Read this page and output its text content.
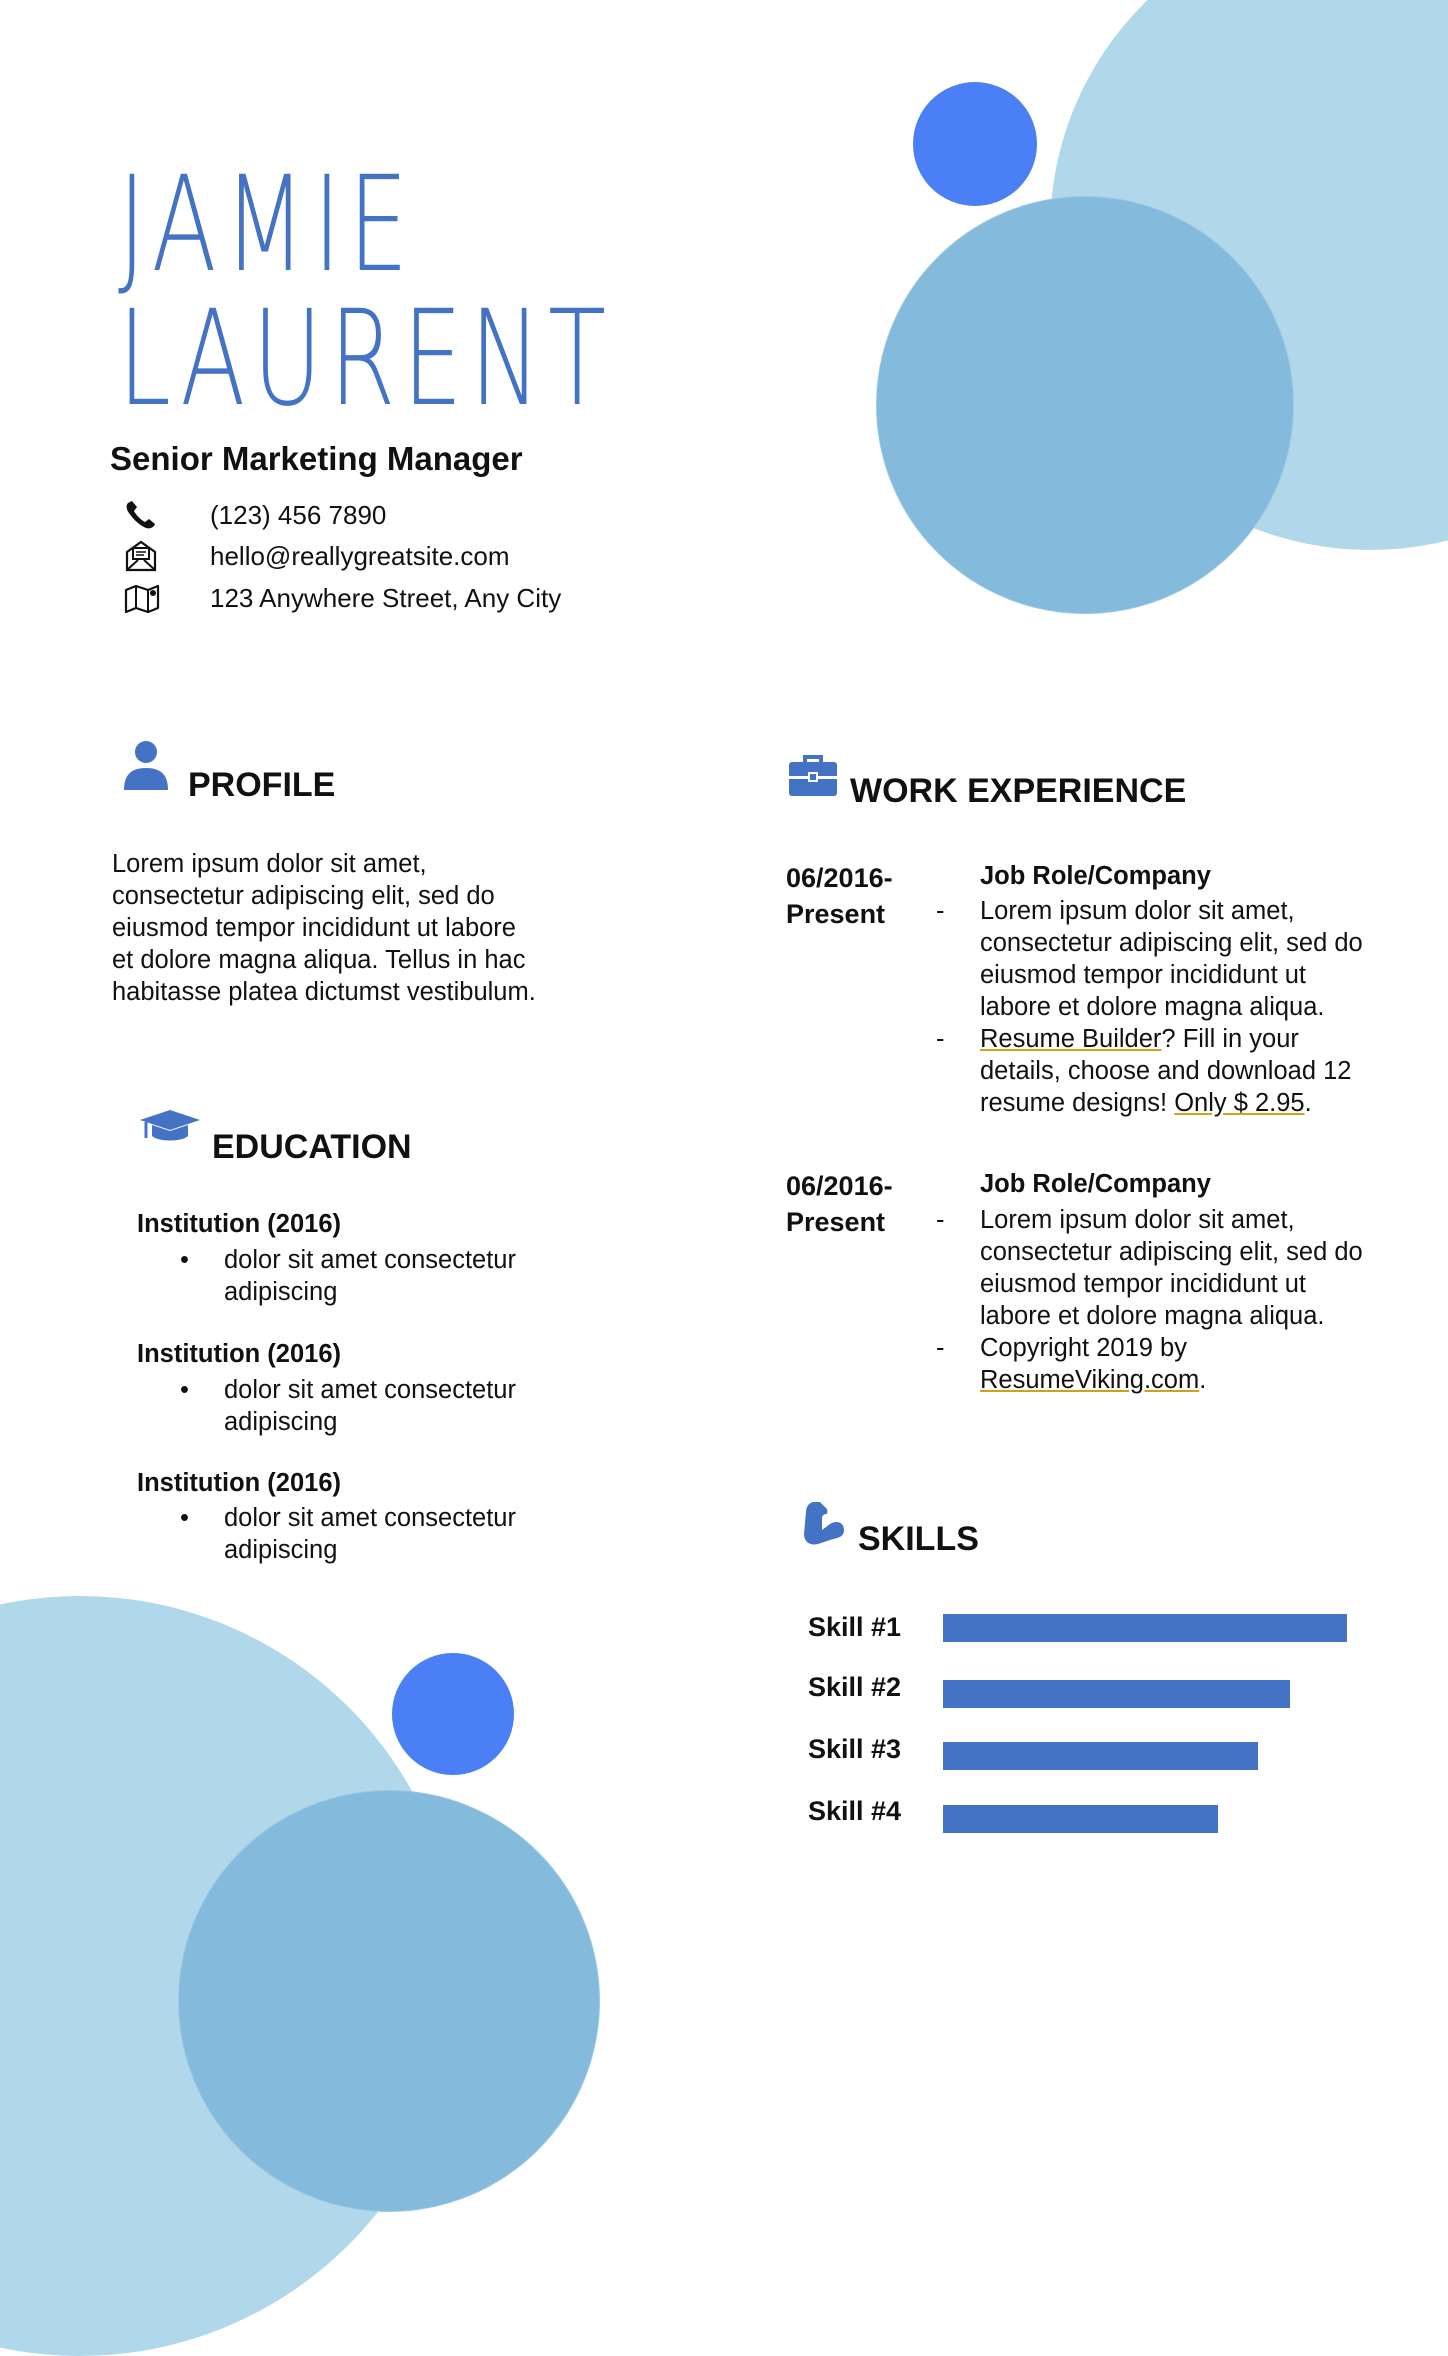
JAMIE
LAURENT
Senior Marketing Manager
(123) 456 7890
hello@reallygreatsite.com
123 Anywhere Street, Any City
PROFILE
Lorem ipsum dolor sit amet,
consectetur adipiscing elit, sed do
eiusmod tempor incididunt ut labore
et dolore magna aliqua. Tellus in hac
habitasse platea dictumst vestibulum.
EDUCATION
Institution (2016)
• dolor sit amet consectetur
adipiscing
Institution (2016)
• dolor sit amet consectetur
adipiscing
Institution (2016)
• dolor sit amet consectetur
adipiscing
WORK EXPERIENCE
06/2016-
Present
Job Role/Company
- Lorem ipsum dolor sit amet,
consectetur adipiscing elit, sed do
eiusmod tempor incididunt ut
labore et dolore magna aliqua.
- Resume Builder? Fill in your
details, choose and download 12
resume designs! Only $ 2.95.
06/2016-
Present
Job Role/Company
- Lorem ipsum dolor sit amet,
consectetur adipiscing elit, sed do
eiusmod tempor incididunt ut
labore et dolore magna aliqua.
- Copyright 2019 by
ResumeViking.com.
SKILLS
Skill #1
Skill #2
Skill #3
Skill #4
